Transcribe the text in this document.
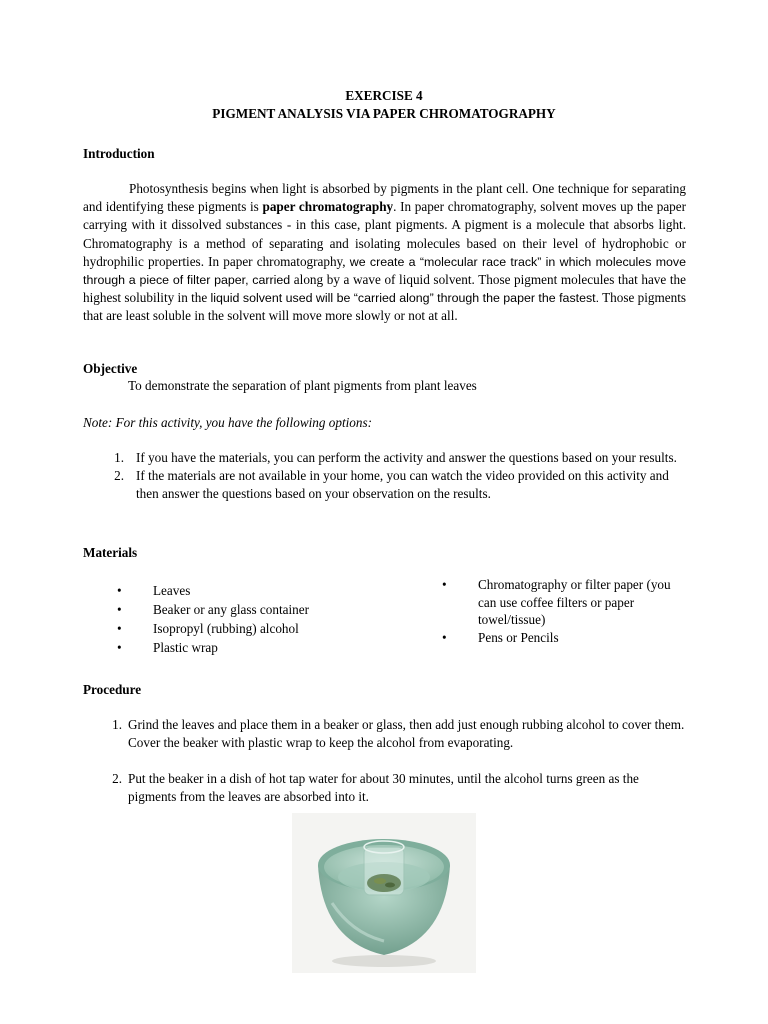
EXERCISE 4
PIGMENT ANALYSIS VIA PAPER CHROMATOGRAPHY
Introduction

Photosynthesis begins when light is absorbed by pigments in the plant cell. One technique for separating and identifying these pigments is paper chromatography. In paper chromatography, solvent moves up the paper carrying with it dissolved substances - in this case, plant pigments. A pigment is a molecule that absorbs light. Chromatography is a method of separating and isolating molecules based on their level of hydrophobic or hydrophilic properties. In paper chromatography, we create a “molecular race track” in which molecules move through a piece of filter paper, carried along by a wave of liquid solvent. Those pigment molecules that have the highest solubility in the liquid solvent used will be “carried along” through the paper the fastest. Those pigments that are least soluble in the solvent will move more slowly or not at all.

Objective
To demonstrate the separation of plant pigments from plant leaves
Note: For this activity, you have the following options:
1. If you have the materials, you can perform the activity and answer the questions based on your results.
2. If the materials are not available in your home, you can watch the video provided on this activity and then answer the questions based on your observation on the results.
Materials
• Leaves
• Beaker or any glass container
• Isopropyl (rubbing) alcohol
• Plastic wrap
• Chromatography or filter paper (you can use coffee filters or paper towel/tissue)
• Pens or Pencils
Procedure
1. Grind the leaves and place them in a beaker or glass, then add just enough rubbing alcohol to cover them. Cover the beaker with plastic wrap to keep the alcohol from evaporating.
2. Put the beaker in a dish of hot tap water for about 30 minutes, until the alcohol turns green as the pigments from the leaves are absorbed into it.
